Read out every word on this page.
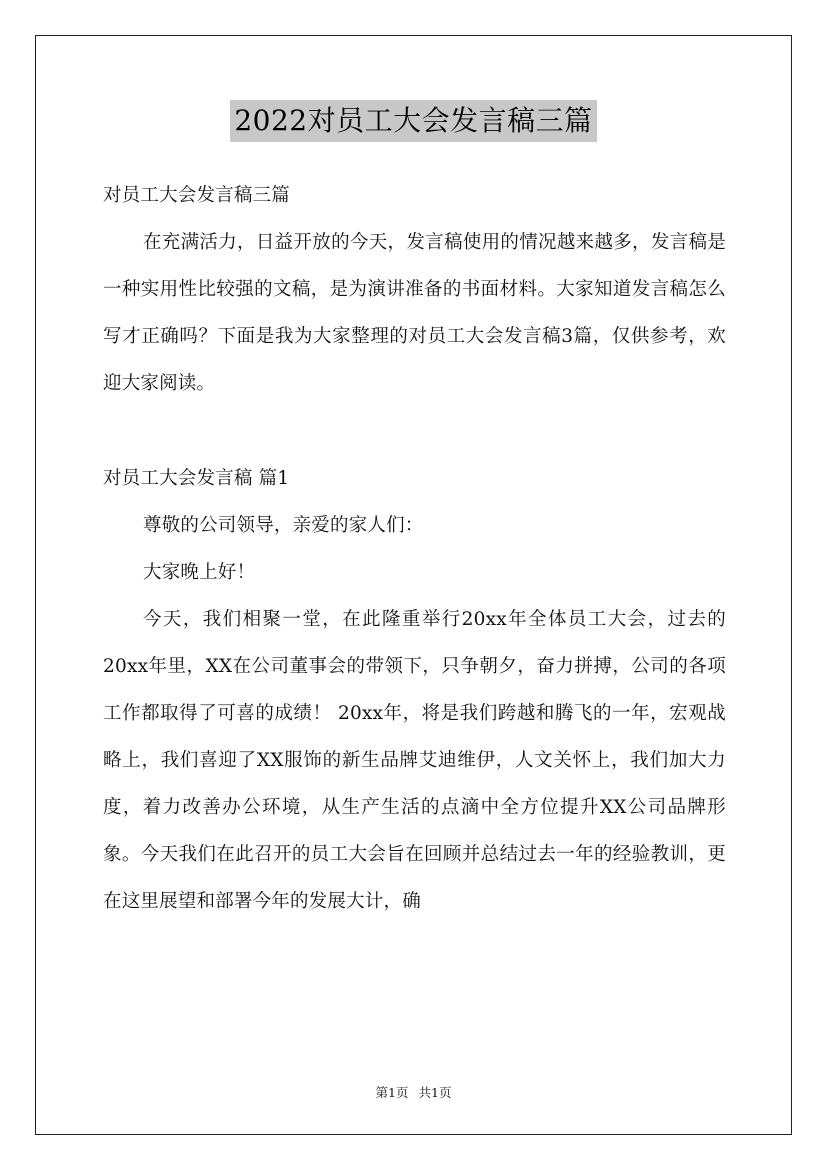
2022对员工大会发言稿三篇

对员工大会发言稿三篇

在充满活力，日益开放的今天，发言稿使用的情况越来越多，发言稿是一种实用性比较强的文稿，是为演讲准备的书面材料。大家知道发言稿怎么写才正确吗？下面是我为大家整理的对员工大会发言稿3篇，仅供参考，欢迎大家阅读。

对员工大会发言稿 篇1

尊敬的公司领导，亲爱的家人们：

大家晚上好！

今天，我们相聚一堂，在此隆重举行20xx年全体员工大会，过去的20xx年里，XX在公司董事会的带领下，只争朝夕，奋力拼搏，公司的各项工作都取得了可喜的成绩！ 20xx年，将是我们跨越和腾飞的一年，宏观战略上，我们喜迎了XX服饰的新生品牌艾迪维伊，人文关怀上，我们加大力度，着力改善办公环境，从生产生活的点滴中全方位提升XX公司品牌形象。今天我们在此召开的员工大会旨在回顾并总结过去一年的经验教训，更在这里展望和部署今年的发展大计，确

第1页 共1页
